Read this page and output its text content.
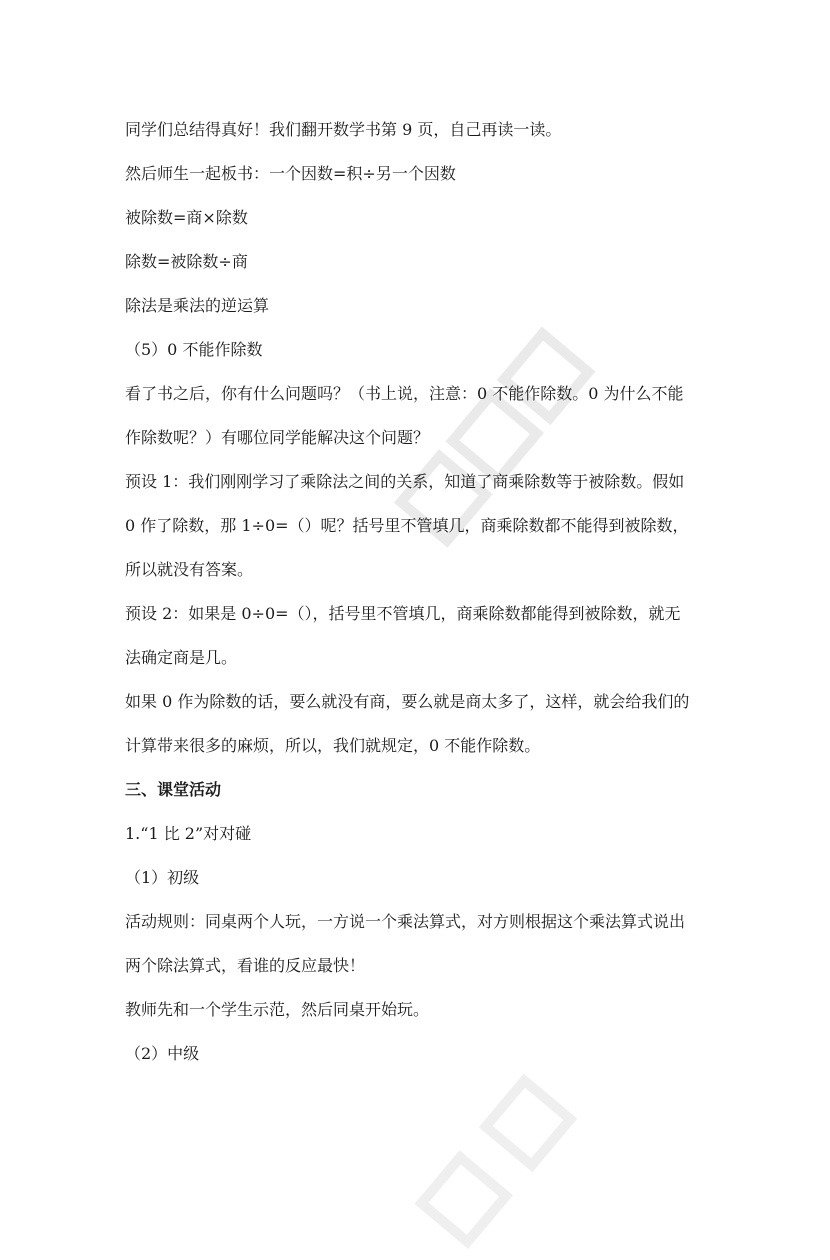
同学们总结得真好！我们翻开数学书第 9 页，自己再读一读。

然后师生一起板书：一个因数=积÷另一个因数

被除数=商×除数

除数=被除数÷商

除法是乘法的逆运算

（5）0 不能作除数

看了书之后，你有什么问题吗？（书上说，注意：0 不能作除数。0 为什么不能

作除数呢？）有哪位同学能解决这个问题？

预设 1：我们刚刚学习了乘除法之间的关系，知道了商乘除数等于被除数。假如

0 作了除数，那 1÷0=（）呢？括号里不管填几，商乘除数都不能得到被除数，

所以就没有答案。

预设 2：如果是 0÷0=（），括号里不管填几，商乘除数都能得到被除数，就无

法确定商是几。

如果 0 作为除数的话，要么就没有商，要么就是商太多了，这样，就会给我们的

计算带来很多的麻烦，所以，我们就规定，0 不能作除数。

三、课堂活动

1.“1 比 2”对对碰

（1）初级

活动规则：同桌两个人玩，一方说一个乘法算式，对方则根据这个乘法算式说出

两个除法算式，看谁的反应最快！

教师先和一个学生示范，然后同桌开始玩。

（2）中级
